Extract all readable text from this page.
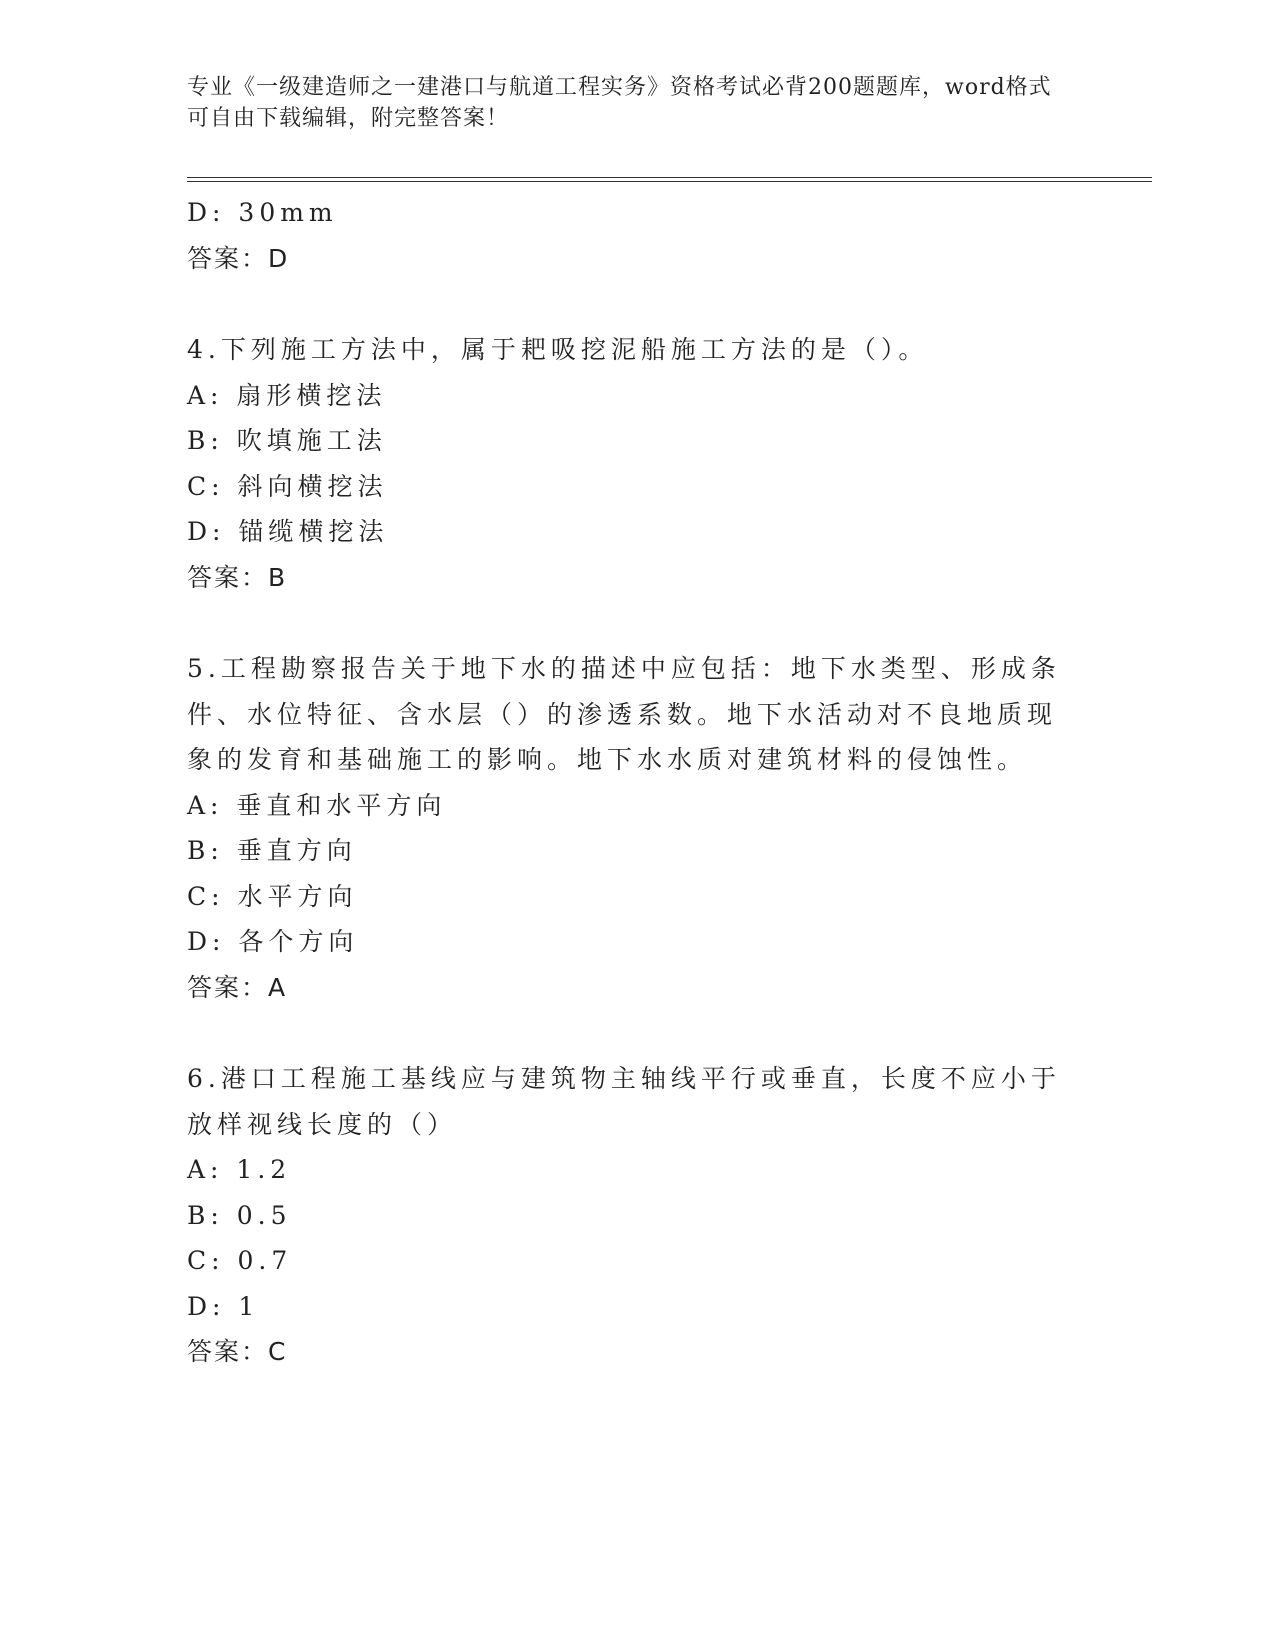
专业《一级建造师之一建港口与航道工程实务》资格考试必背200题题库，word格式可自由下载编辑，附完整答案！
D: 30mm
答案：D
4.下列施工方法中，属于耙吸挖泥船施工方法的是（）。
A: 扇形横挖法
B: 吹填施工法
C: 斜向横挖法
D: 锚缆横挖法
答案：B
5.工程勘察报告关于地下水的描述中应包括：地下水类型、形成条件、水位特征、含水层（）的渗透系数。地下水活动对不良地质现象的发育和基础施工的影响。地下水水质对建筑材料的侵蚀性。
A: 垂直和水平方向
B: 垂直方向
C: 水平方向
D: 各个方向
答案：A
6.港口工程施工基线应与建筑物主轴线平行或垂直，长度不应小于放样视线长度的（）
A: 1.2
B: 0.5
C: 0.7
D: 1
答案：C
